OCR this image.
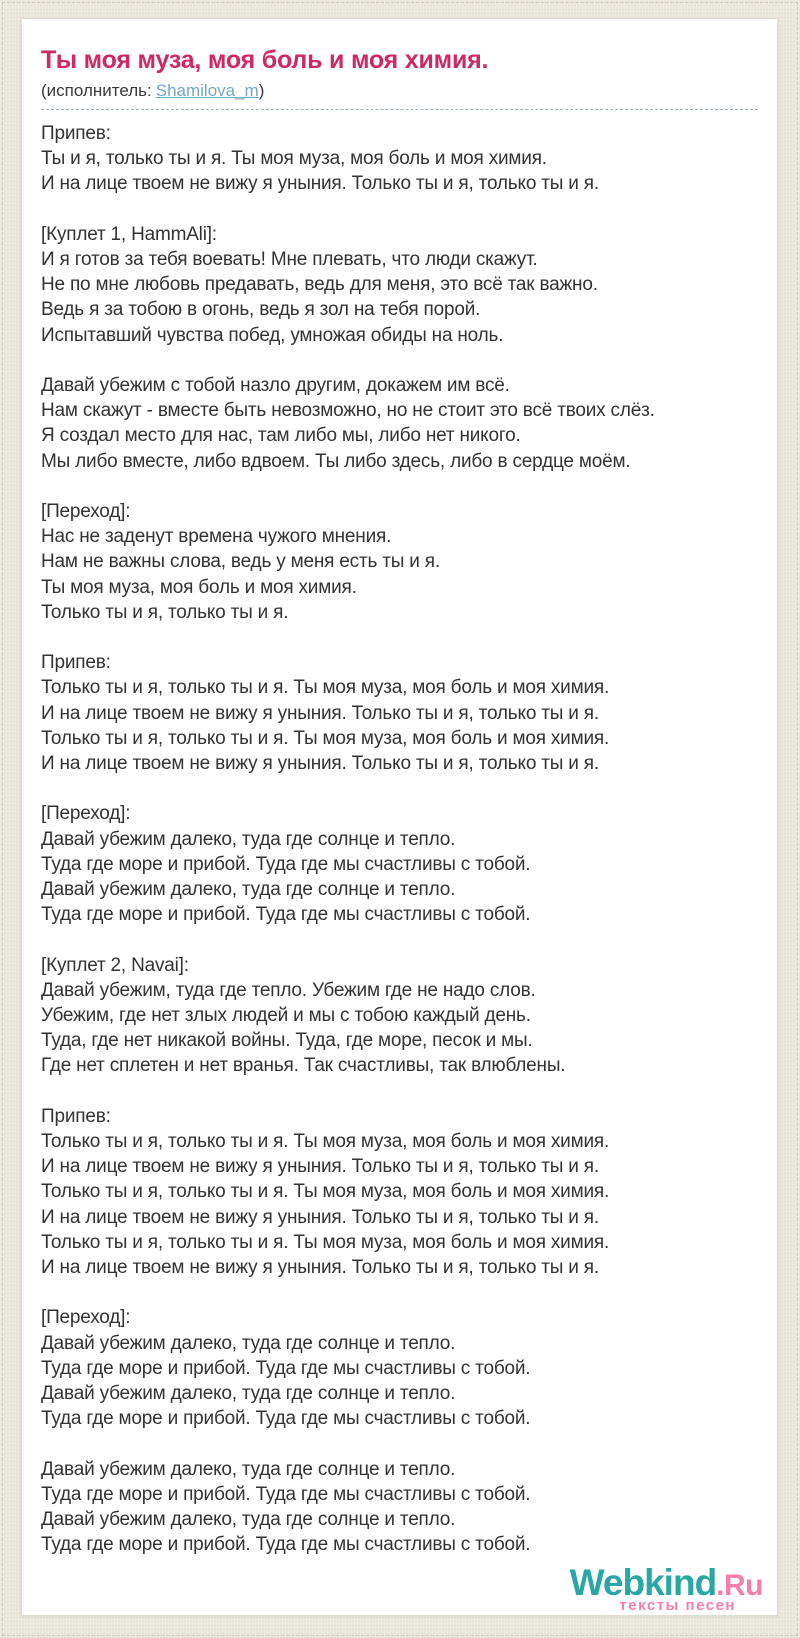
Ты моя муза, моя боль и моя химия.
(исполнитель: Shamilova_m)
Припев:
Ты и я, только ты и я. Ты моя муза, моя боль и моя химия.
И на лице твоем не вижу я уныния. Только ты и я, только ты и я.
[Куплет 1, HammAli]:
И я готов за тебя воевать! Мне плевать, что люди скажут.
Не по мне любовь предавать, ведь для меня, это всё так важно.
Ведь я за тобою в огонь, ведь я зол на тебя порой.
Испытавший чувства побед, умножая обиды на ноль.
Давай убежим с тобой назло другим, докажем им всё.
Нам скажут - вместе быть невозможно, но не стоит это всё твоих слёз.
Я создал место для нас, там либо мы, либо нет никого.
Мы либо вместе, либо вдвоем. Ты либо здесь, либо в сердце моём.
[Переход]:
Нас не заденут времена чужого мнения.
Нам не важны слова, ведь у меня есть ты и я.
Ты моя муза, моя боль и моя химия.
Только ты и я, только ты и я.
Припев:
Только ты и я, только ты и я. Ты моя муза, моя боль и моя химия.
И на лице твоем не вижу я уныния. Только ты и я, только ты и я.
Только ты и я, только ты и я. Ты моя муза, моя боль и моя химия.
И на лице твоем не вижу я уныния. Только ты и я, только ты и я.
[Переход]:
Давай убежим далеко, туда где солнце и тепло.
Туда где море и прибой. Туда где мы счастливы с тобой.
Давай убежим далеко, туда где солнце и тепло.
Туда где море и прибой. Туда где мы счастливы с тобой.
[Куплет 2, Navai]:
Давай убежим, туда где тепло. Убежим где не надо слов.
Убежим, где нет злых людей и мы с тобою каждый день.
Туда, где нет никакой войны. Туда, где море, песок и мы.
Где нет сплетен и нет вранья. Так счастливы, так влюблены.
Припев:
Только ты и я, только ты и я. Ты моя муза, моя боль и моя химия.
И на лице твоем не вижу я уныния. Только ты и я, только ты и я.
Только ты и я, только ты и я. Ты моя муза, моя боль и моя химия.
И на лице твоем не вижу я уныния. Только ты и я, только ты и я.
Только ты и я, только ты и я. Ты моя муза, моя боль и моя химия.
И на лице твоем не вижу я уныния. Только ты и я, только ты и я.
[Переход]:
Давай убежим далеко, туда где солнце и тепло.
Туда где море и прибой. Туда где мы счастливы с тобой.
Давай убежим далеко, туда где солнце и тепло.
Туда где море и прибой. Туда где мы счастливы с тобой.
Давай убежим далеко, туда где солнце и тепло.
Туда где море и прибой. Туда где мы счастливы с тобой.
Давай убежим далеко, туда где солнце и тепло.
Туда где море и прибой. Туда где мы счастливы с тобой.
Webkind.Ru
тексты песен
